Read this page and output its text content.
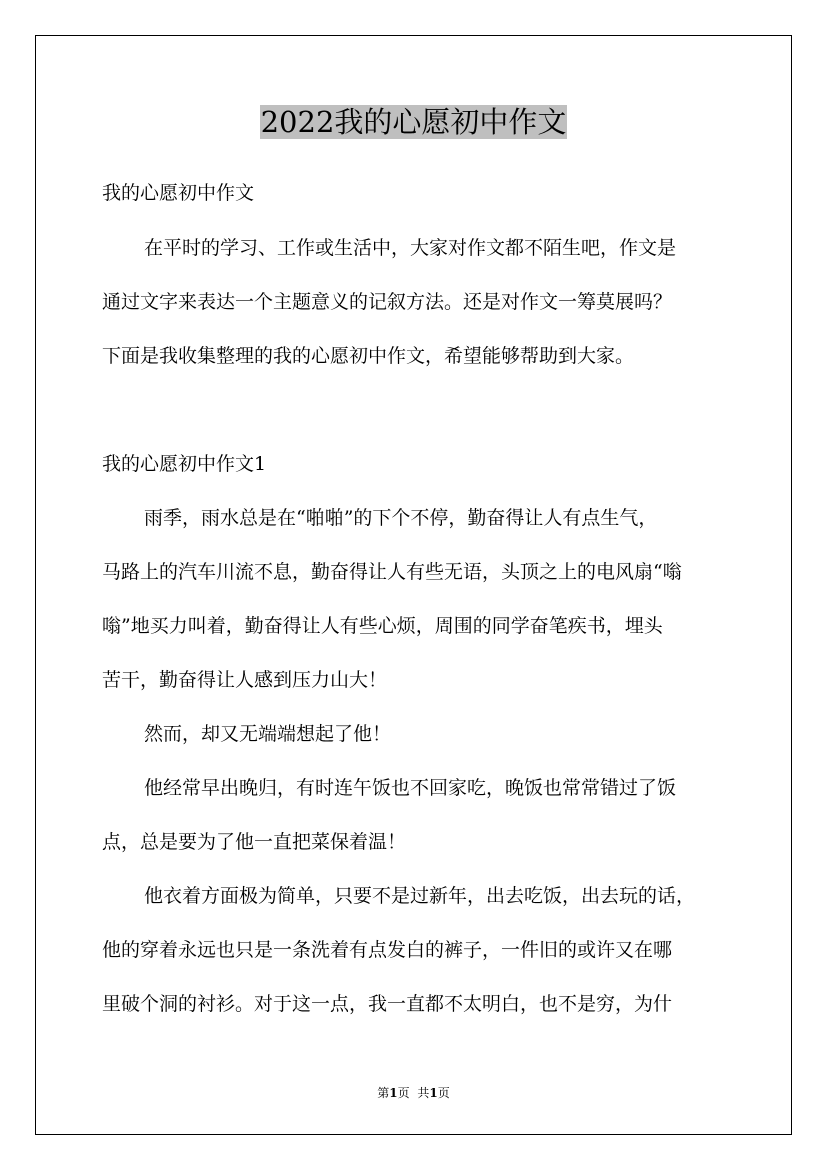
2022我的心愿初中作文
我的心愿初中作文
在平时的学习、工作或生活中，大家对作文都不陌生吧，作文是
通过文字来表达一个主题意义的记叙方法。还是对作文一筹莫展吗？
下面是我收集整理的我的心愿初中作文，希望能够帮助到大家。
我的心愿初中作文1
雨季，雨水总是在“啪啪”的下个不停，勤奋得让人有点生气，
马路上的汽车川流不息，勤奋得让人有些无语，头顶之上的电风扇“嗡
嗡”地买力叫着，勤奋得让人有些心烦，周围的同学奋笔疾书，埋头
苦干，勤奋得让人感到压力山大！
然而，却又无端端想起了他！
他经常早出晚归，有时连午饭也不回家吃，晚饭也常常错过了饭
点，总是要为了他一直把菜保着温！
他衣着方面极为简单，只要不是过新年，出去吃饭，出去玩的话，
他的穿着永远也只是一条洗着有点发白的裤子，一件旧的或许又在哪
里破个洞的衬衫。对于这一点，我一直都不太明白，也不是穷，为什
第1页 共1页
